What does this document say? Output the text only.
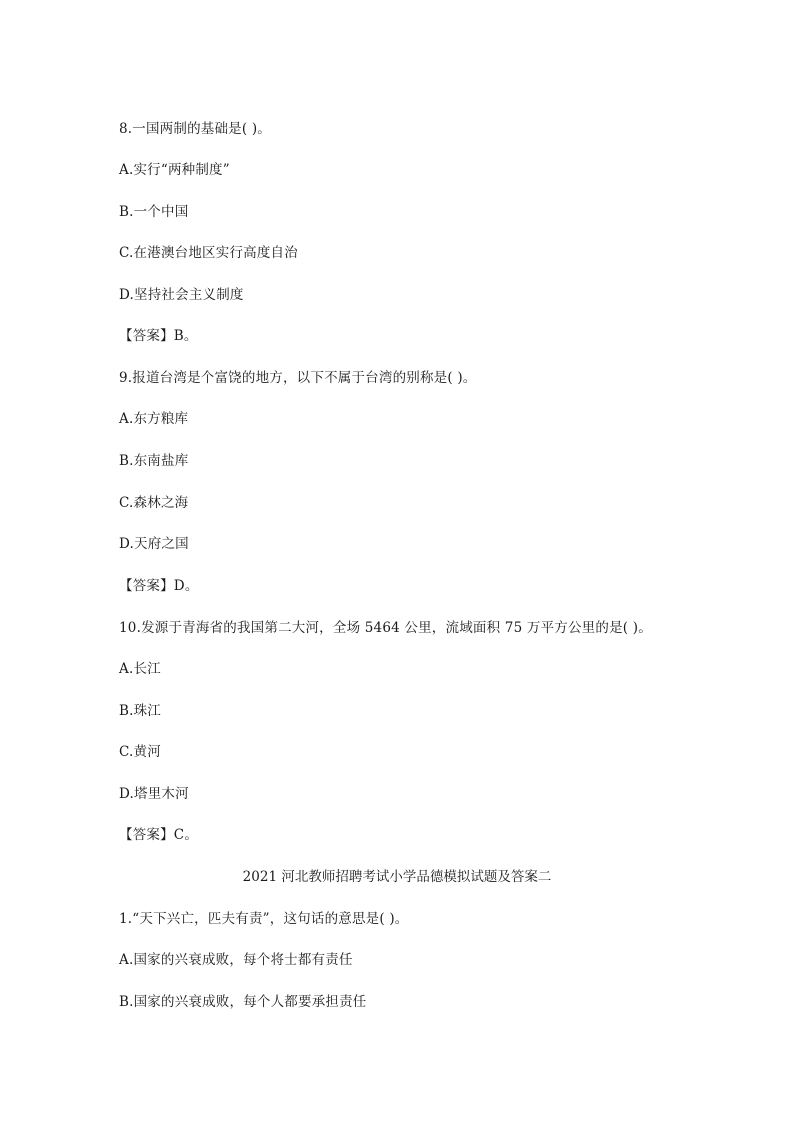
8.一国两制的基础是( )。
A.实行“两种制度”
B.一个中国
C.在港澳台地区实行高度自治
D.坚持社会主义制度
【答案】B。
9.报道台湾是个富饶的地方，以下不属于台湾的别称是( )。
A.东方粮库
B.东南盐库
C.森林之海
D.天府之国
【答案】D。
10.发源于青海省的我国第二大河，全场 5464 公里，流域面积 75 万平方公里的是( )。
A.长江
B.珠江
C.黄河
D.塔里木河
【答案】C。
2021 河北教师招聘考试小学品德模拟试题及答案二
1.“天下兴亡，匹夫有责”，这句话的意思是( )。
A.国家的兴衰成败，每个将士都有责任
B.国家的兴衰成败，每个人都要承担责任
